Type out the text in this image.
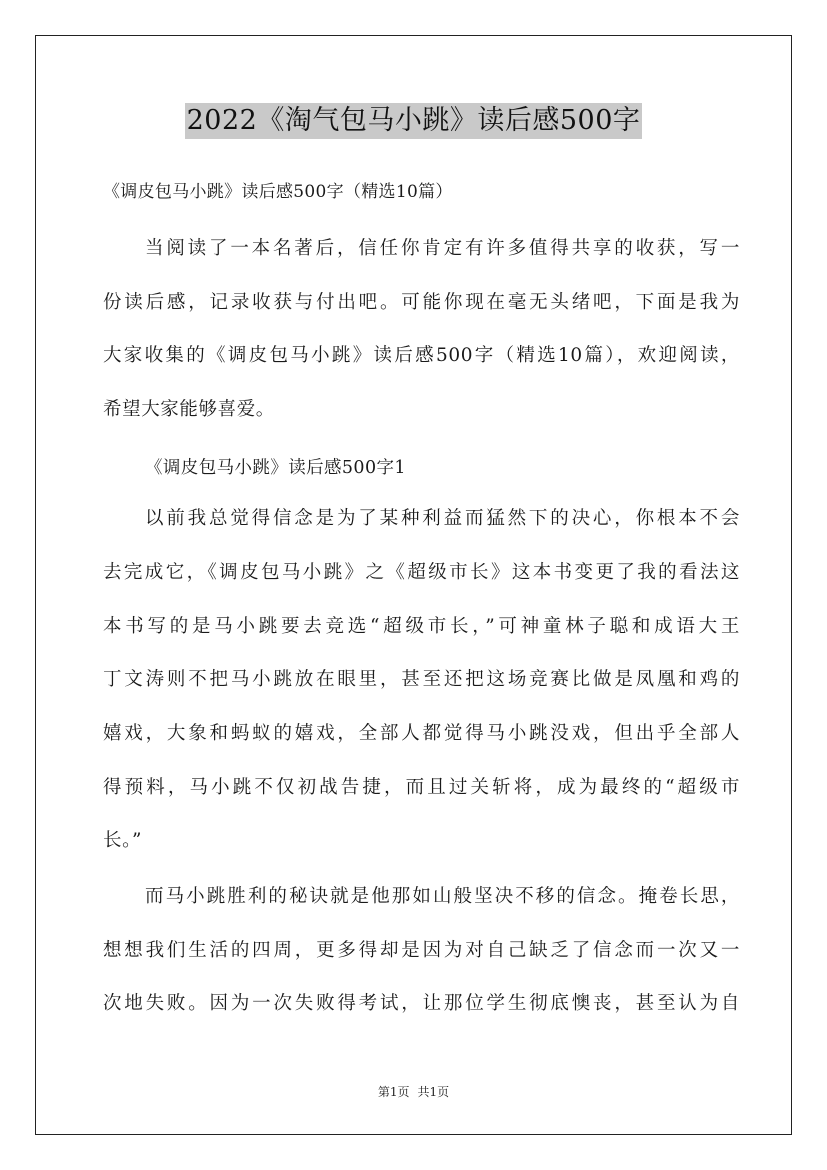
2022《淘气包马小跳》读后感500字
《调皮包马小跳》读后感500字（精选10篇）
当阅读了一本名著后，信任你肯定有许多值得共享的收获，写一
份读后感，记录收获与付出吧。可能你现在毫无头绪吧，下面是我为
大家收集的《调皮包马小跳》读后感500字（精选10篇），欢迎阅读，
希望大家能够喜爱。
《调皮包马小跳》读后感500字1
以前我总觉得信念是为了某种利益而猛然下的决心，你根本不会
去完成它，《调皮包马小跳》之《超级市长》这本书变更了我的看法这
本书写的是马小跳要去竞选“超级市长，”可神童林子聪和成语大王
丁文涛则不把马小跳放在眼里，甚至还把这场竞赛比做是凤凰和鸡的
嬉戏，大象和蚂蚁的嬉戏，全部人都觉得马小跳没戏，但出乎全部人
得预料，马小跳不仅初战告捷，而且过关斩将，成为最终的“超级市
长。”
而马小跳胜利的秘诀就是他那如山般坚决不移的信念。掩卷长思，
想想我们生活的四周，更多得却是因为对自己缺乏了信念而一次又一
次地失败。因为一次失败得考试，让那位学生彻底懊丧，甚至认为自
第1页 共1页
